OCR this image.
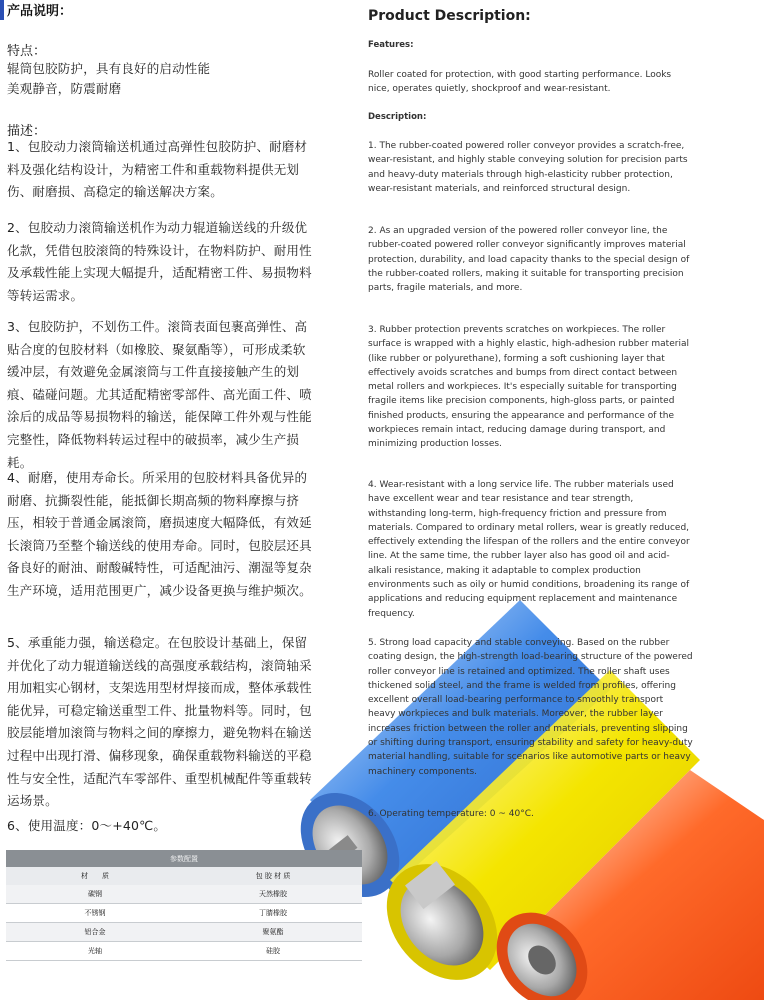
产品说明：
特点：
辊筒包胶防护，具有良好的启动性能
美观静音，防震耐磨
描述：
1、包胶动力滚筒输送机通过高弹性包胶防护、耐磨材料及强化结构设计，为精密工件和重载物料提供无划伤、耐磨损、高稳定的输送解决方案。
2、包胶动力滚筒输送机作为动力辊道输送线的升级优化款，凭借包胶滚筒的特殊设计，在物料防护、耐用性及承载性能上实现大幅提升，适配精密工件、易损物料等转运需求。
3、包胶防护，不划伤工件。滚筒表面包裹高弹性、高贴合度的包胶材料（如橡胶、聚氨酯等），可形成柔软缓冲层，有效避免金属滚筒与工件直接接触产生的划痕、磕碰问题。尤其适配精密零部件、高光面工件、喷涂后的成品等易损物料的输送，能保障工件外观与性能完整性，降低物料转运过程中的破损率，减少生产损耗。
4、耐磨，使用寿命长。所采用的包胶材料具备优异的耐磨、抗撕裂性能，能抵御长期高频的物料摩擦与挤压，相较于普通金属滚筒，磨损速度大幅降低，有效延长滚筒乃至整个输送线的使用寿命。同时，包胶层还具备良好的耐油、耐酸碱特性，可适配油污、潮湿等复杂生产环境，适用范围更广，减少设备更换与维护频次。
5、承重能力强，输送稳定。在包胶设计基础上，保留并优化了动力辊道输送线的高强度承载结构，滚筒轴采用加粗实心钢材，支架选用型材焊接而成，整体承载性能优异，可稳定输送重型工件、批量物料等。同时，包胶层能增加滚筒与物料之间的摩擦力，避免物料在输送过程中出现打滑、偏移现象，确保重载物料输送的平稳性与安全性，适配汽车零部件、重型机械配件等重载转运场景。
6、使用温度：0～+40℃。
参数配置	
材　　质	包 胶 材 质
碳钢	天然橡胶
不锈钢	丁腈橡胶
铝合金	聚氨酯
光轴	硅胶
Product Description:
Features:
Roller coated for protection, with good starting performance. Looks nice, operates quietly, shockproof and wear-resistant.
Description:
1. The rubber-coated powered roller conveyor provides a scratch-free, wear-resistant, and highly stable conveying solution for precision parts and heavy-duty materials through high-elasticity rubber protection, wear-resistant materials, and reinforced structural design.
2. As an upgraded version of the powered roller conveyor line, the rubber-coated powered roller conveyor significantly improves material protection, durability, and load capacity thanks to the special design of the rubber-coated rollers, making it suitable for transporting precision parts, fragile materials, and more.
3. Rubber protection prevents scratches on workpieces. The roller surface is wrapped with a highly elastic, high-adhesion rubber material (like rubber or polyurethane), forming a soft cushioning layer that effectively avoids scratches and bumps from direct contact between metal rollers and workpieces. It's especially suitable for transporting fragile items like precision components, high-gloss parts, or painted finished products, ensuring the appearance and performance of the workpieces remain intact, reducing damage during transport, and minimizing production losses.
4. Wear-resistant with a long service life. The rubber materials used have excellent wear and tear resistance and tear strength, withstanding long-term, high-frequency friction and pressure from materials. Compared to ordinary metal rollers, wear is greatly reduced, effectively extending the lifespan of the rollers and the entire conveyor line. At the same time, the rubber layer also has good oil and acid-alkali resistance, making it adaptable to complex production environments such as oily or humid conditions, broadening its range of applications and reducing equipment replacement and maintenance frequency.
5. Strong load capacity and stable conveying. Based on the rubber coating design, the high-strength load-bearing structure of the powered roller conveyor line is retained and optimized. The roller shaft uses thickened solid steel, and the frame is welded from profiles, offering excellent overall load-bearing performance to smoothly transport heavy workpieces and bulk materials. Moreover, the rubber layer increases friction between the roller and materials, preventing slipping or shifting during transport, ensuring stability and safety for heavy-duty material handling, suitable for scenarios like automotive parts or heavy machinery components.
6. Operating temperature: 0 ~ 40°C.
